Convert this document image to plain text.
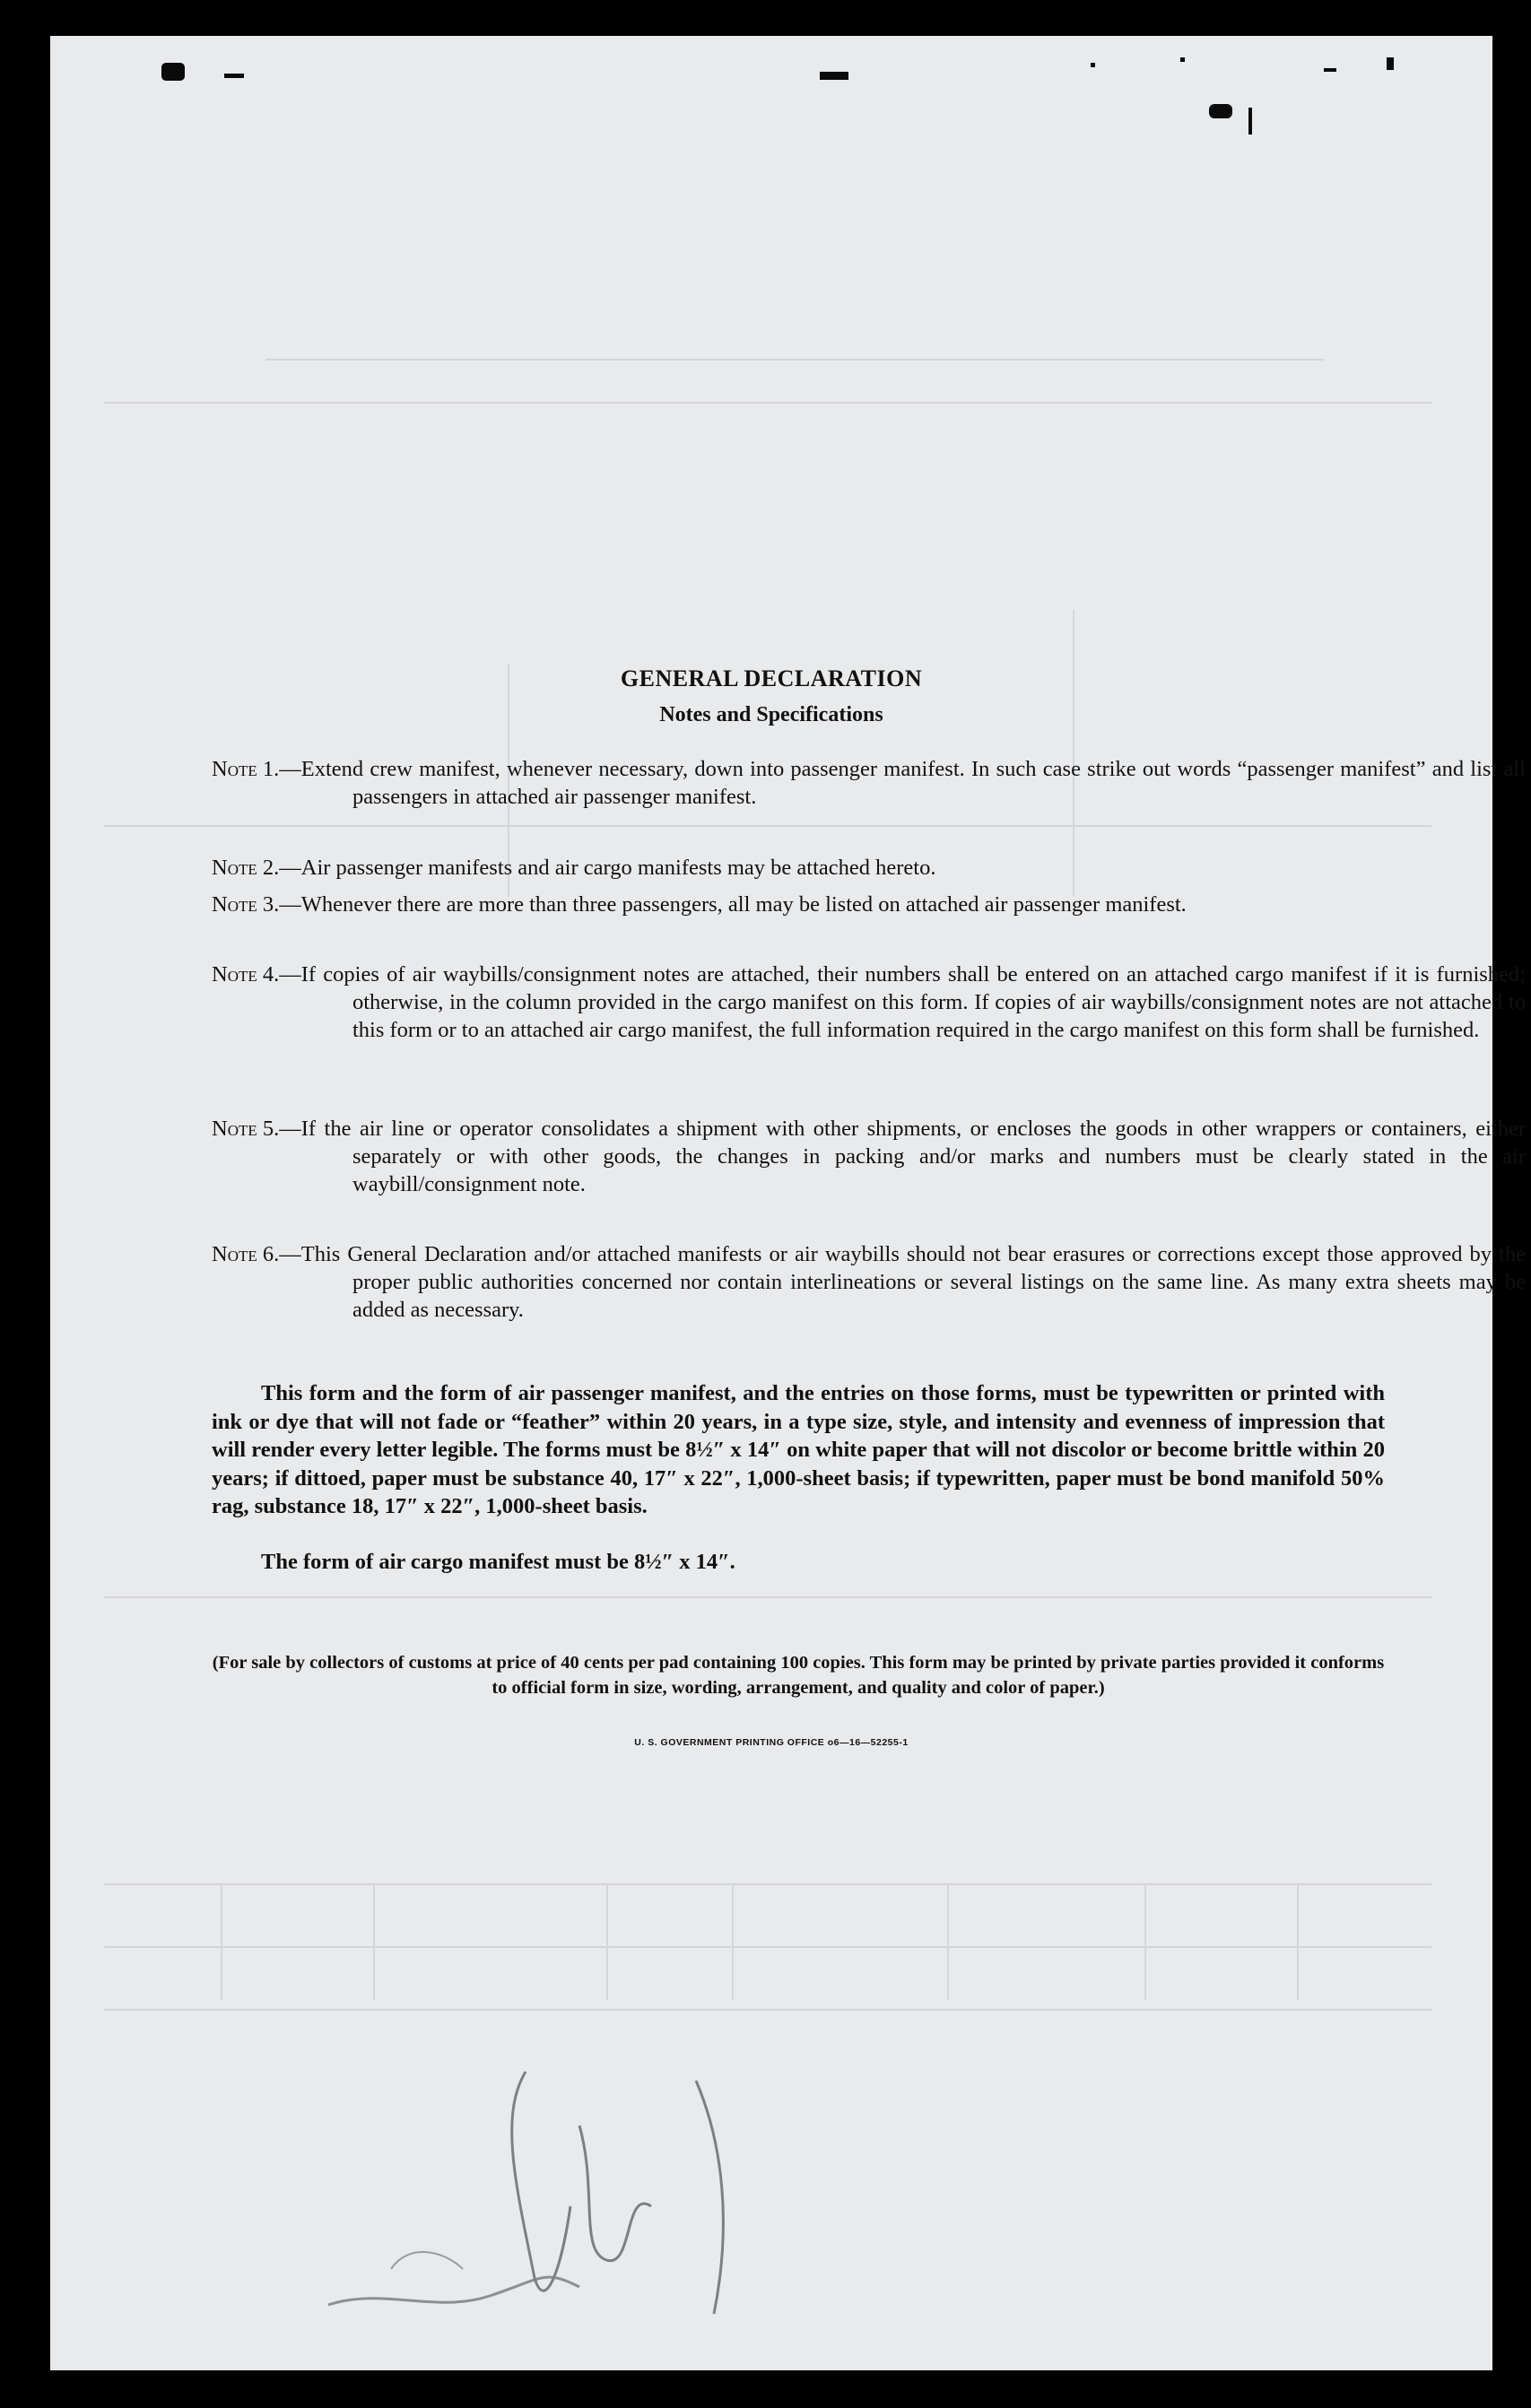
GENERAL DECLARATION
Notes and Specifications
Note 1.—Extend crew manifest, whenever necessary, down into passenger manifest. In such case strike out words “passenger manifest” and list all passengers in attached air passenger manifest.
Note 2.—Air passenger manifests and air cargo manifests may be attached hereto.
Note 3.—Whenever there are more than three passengers, all may be listed on attached air passenger manifest.
Note 4.—If copies of air waybills/consignment notes are attached, their numbers shall be entered on an attached cargo manifest if it is furnished; otherwise, in the column provided in the cargo manifest on this form. If copies of air waybills/consignment notes are not attached to this form or to an attached air cargo manifest, the full information required in the cargo manifest on this form shall be furnished.
Note 5.—If the air line or operator consolidates a shipment with other shipments, or encloses the goods in other wrappers or containers, either separately or with other goods, the changes in packing and/or marks and numbers must be clearly stated in the air waybill/consignment note.
Note 6.—This General Declaration and/or attached manifests or air waybills should not bear erasures or corrections except those approved by the proper public authorities concerned nor contain interlineations or several listings on the same line. As many extra sheets may be added as necessary.
This form and the form of air passenger manifest, and the entries on those forms, must be typewritten or printed with ink or dye that will not fade or “feather” within 20 years, in a type size, style, and intensity and evenness of impression that will render every letter legible. The forms must be 8½″ x 14″ on white paper that will not discolor or become brittle within 20 years; if dittoed, paper must be substance 40, 17″ x 22″, 1,000-sheet basis; if typewritten, paper must be bond manifold 50% rag, substance 18, 17″ x 22″, 1,000-sheet basis.
The form of air cargo manifest must be 8½″ x 14″.
(For sale by collectors of customs at price of 40 cents per pad containing 100 copies. This form may be printed by private parties provided it conforms to official form in size, wording, arrangement, and quality and color of paper.)
U. S. GOVERNMENT PRINTING OFFICE o6—16—52255-1
